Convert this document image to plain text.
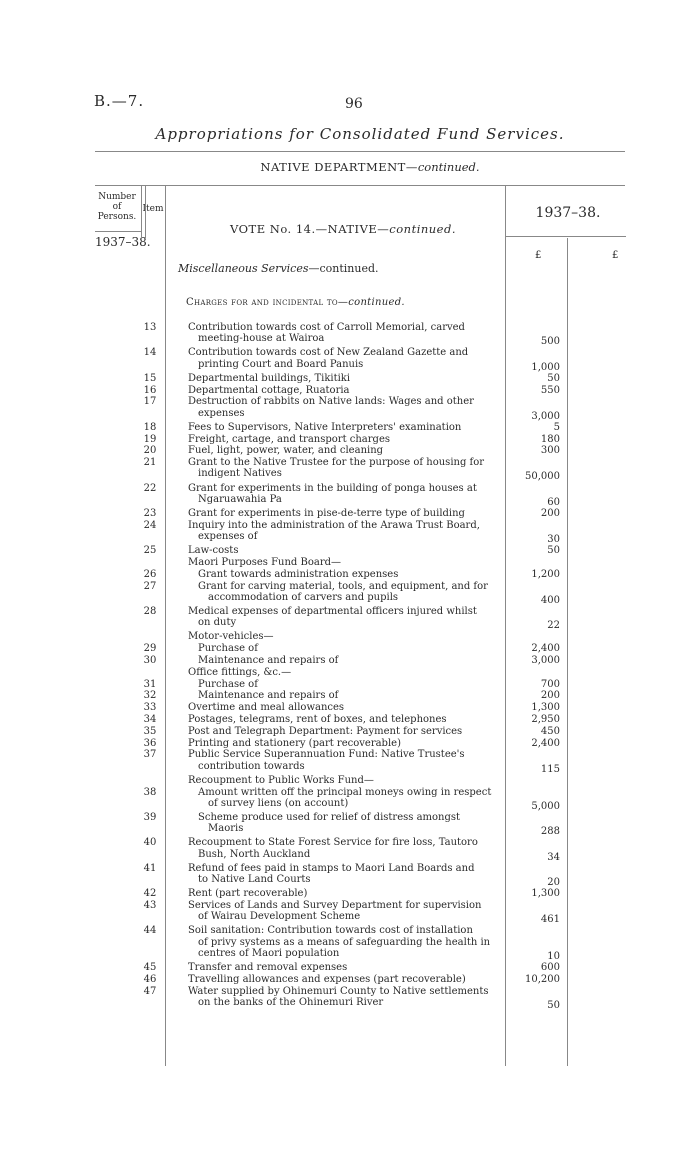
B.—7.	96
Appropriations for Consolidated Fund Services.
NATIVE DEPARTMENT—continued.
Number of Persons.
Item	1937–38.
1937–38.
£	£
VOTE No. 14.—NATIVE—continued.
Miscellaneous Services—continued.
Charges for and incidental to—continued.
13	Contribution towards cost of Carroll Memorial, carved
meeting-house at Wairoa	500
14	Contribution towards cost of New Zealand Gazette and
printing Court and Board Panuis	1,000
15	Departmental buildings, Tikitiki	50
16	Departmental cottage, Ruatoria	550
17	Destruction of rabbits on Native lands: Wages and other
expenses	3,000
18	Fees to Supervisors, Native Interpreters' examination	5
19	Freight, cartage, and transport charges	180
20	Fuel, light, power, water, and cleaning	300
21	Grant to the Native Trustee for the purpose of housing for
indigent Natives	50,000
22	Grant for experiments in the building of ponga houses at
Ngaruawahia Pa	60
23	Grant for experiments in pise-de-terre type of building	200
24	Inquiry into the administration of the Arawa Trust Board,
expenses of	30
25	Law-costs	50
Maori Purposes Fund Board—
26	Grant towards administration expenses	1,200
27	Grant for carving material, tools, and equipment, and for
accommodation of carvers and pupils	400
28	Medical expenses of departmental officers injured whilst
on duty	22
Motor-vehicles—
29	Purchase of	2,400
30	Maintenance and repairs of	3,000
Office fittings, &c.—
31	Purchase of	700
32	Maintenance and repairs of	200
33	Overtime and meal allowances	1,300
34	Postages, telegrams, rent of boxes, and telephones	2,950
35	Post and Telegraph Department: Payment for services	450
36	Printing and stationery (part recoverable)	2,400
37	Public Service Superannuation Fund: Native Trustee's
contribution towards	115
Recoupment to Public Works Fund—
38	Amount written off the principal moneys owing in respect
of survey liens (on account)	5,000
39	Scheme produce used for relief of distress amongst
Maoris	288
40	Recoupment to State Forest Service for fire loss, Tautoro
Bush, North Auckland	34
41	Refund of fees paid in stamps to Maori Land Boards and
to Native Land Courts	20
42	Rent (part recoverable)	1,300
43	Services of Lands and Survey Department for supervision
of Wairau Development Scheme	461
44	Soil sanitation: Contribution towards cost of installation
of privy systems as a means of safeguarding the health in
centres of Maori population	10
45	Transfer and removal expenses	600
46	Travelling allowances and expenses (part recoverable)	10,200
47	Water supplied by Ohinemuri County to Native settlements
on the banks of the Ohinemuri River	50
